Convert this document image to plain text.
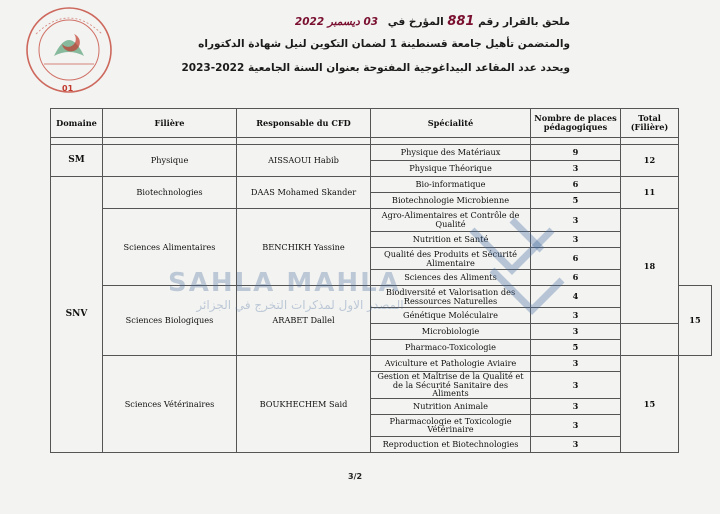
01
ملحق بالقرار رقم 881 المؤرخ في 03 ديسمبر 2022
والمتضمن تأهيل جامعة قسنطينة 1 لضمان التكوين لنيل شهادة الدكتوراه
ويحدد عدد المقاعد البيداغوجية المفتوحة بعنوان السنة الجامعية 2023-2022
Domaine	Filière	Responsable du CFD	Spécialité	Nombre de places pédagogiques	Total (Filière)	

SM	Physique	AISSAOUI Habib	Physique des Matériaux	9	12	
			Physique Théorique	3		
SNV	Biotechnologies	DAAS Mohamed Skander	Bio-informatique	6	11	
			Biotechnologie Microbienne	5		
	Sciences Alimentaires	BENCHIKH Yassine	Agro-Alimentaires et Contrôle de Qualité	3	18	
			Nutrition et Santé	3		
			Qualité des Produits et Sécurité Alimentaire	6		
			Sciences des Aliments	6		
	Sciences Biologiques	ARABET Dallel	Biodiversité et Valorisation des Ressources Naturelles	4		15
			Génétique Moléculaire	3		
			Microbiologie	3		
			Pharmaco-Toxicologie	5		
	Sciences Vétérinaires	BOUKHECHEM Said	Aviculture et Pathologie Aviaire	3	15	
			Gestion et Maîtrise de la Qualité et de la Sécurité Sanitaire des Aliments	3		
			Nutrition Animale	3		
			Pharmacologie et Toxicologie Vétérinaire	3		
			Reproduction et Biotechnologies	3		
SAHLA MAHLA
المصدر الاول لمذكرات التخرج في الجزائر
3/2
